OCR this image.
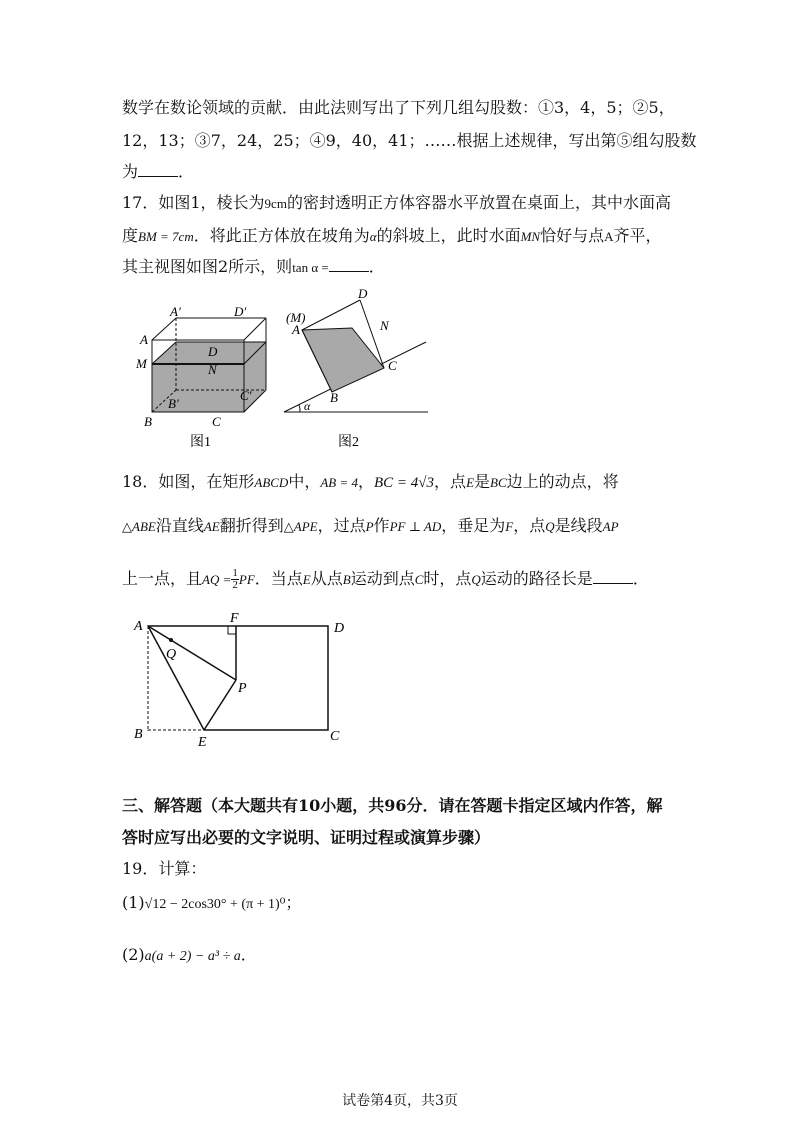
数学在数论领域的贡献．由此法则写出了下列几组勾股数：①3，4，5；②5，
12，13；③7，24，25；④9，40，41；……根据上述规律，写出第⑤组勾股数
为	．
17．如图1，棱长为9cm的密封透明正方体容器水平放置在桌面上，其中水面高
度BM = 7cm．将此正方体放在坡角为α的斜坡上，此时水面MN恰好与点A齐平，
其主视图如图2所示，则tan α =	．
A′	D′
A
D
M	N
B′
C′
B	C
图1
D
(M)
A	N
C
B
α
图2
18．如图，在矩形ABCD中，AB = 4，BC = 4√3，点E是BC边上的动点，将
△ABE沿直线AE翻折得到△APE，过点P作PF ⊥ AD，垂足为F，点Q是线段AP
上一点，且AQ = $\frac{1}{2}$ PF．当点E从点B运动到点C时，点Q运动的路径长是	．
A
F
D
Q
P
B
E	C
三、解答题（本大题共有10小题，共96分．请在答题卡指定区域内作答，解
答时应写出必要的文字说明、证明过程或演算步骤）
19．计算：
(1)√12 − 2cos30° + (π + 1)⁰；
(2)a(a + 2) − a³ ÷ a．
试卷第4页，共3页
